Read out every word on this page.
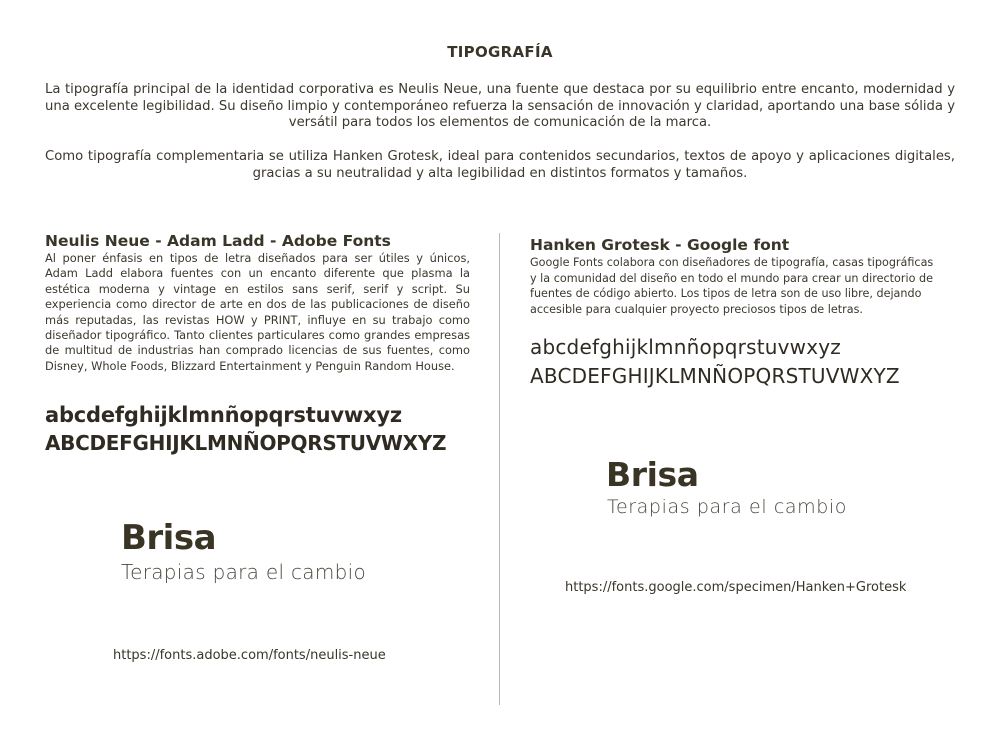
TIPOGRAFÍA

La tipografía principal de la identidad corporativa es Neulis Neue, una fuente que destaca por su equilibrio entre encanto, modernidad y una excelente legibilidad. Su diseño limpio y contemporáneo refuerza la sensación de innovación y claridad, aportando una base sólida y versátil para todos los elementos de comunicación de la marca.

Como tipografía complementaria se utiliza Hanken Grotesk, ideal para contenidos secundarios, textos de apoyo y aplicaciones digitales, gracias a su neutralidad y alta legibilidad en distintos formatos y tamaños.

Neulis Neue - Adam Ladd - Adobe Fonts

Al poner énfasis en tipos de letra diseñados para ser útiles y únicos, Adam Ladd elabora fuentes con un encanto diferente que plasma la estética moderna y vintage en estilos sans serif, serif y script. Su experiencia como director de arte en dos de las publicaciones de diseño más reputadas, las revistas HOW y PRINT, influye en su trabajo como diseñador tipográfico. Tanto clientes particulares como grandes empresas de multitud de industrias han comprado licencias de sus fuentes, como Disney, Whole Foods, Blizzard Entertainment y Penguin Random House.

abcdefghijklmnñopqrstuvwxyz

ABCDEFGHIJKLMNÑOPQRSTUVWXYZ

Brisa

Terapias para el cambio

https://fonts.adobe.com/fonts/neulis-neue
Hanken Grotesk - Google font

Google Fonts colabora con diseñadores de tipografía, casas tipográficas y la comunidad del diseño en todo el mundo para crear un directorio de fuentes de código abierto. Los tipos de letra son de uso libre, dejando accesible para cualquier proyecto preciosos tipos de letras.

abcdefghijklmnñopqrstuvwxyz

ABCDEFGHIJKLMNÑOPQRSTUVWXYZ

Brisa

Terapias para el cambio

https://fonts.google.com/specimen/Hanken+Grotesk
